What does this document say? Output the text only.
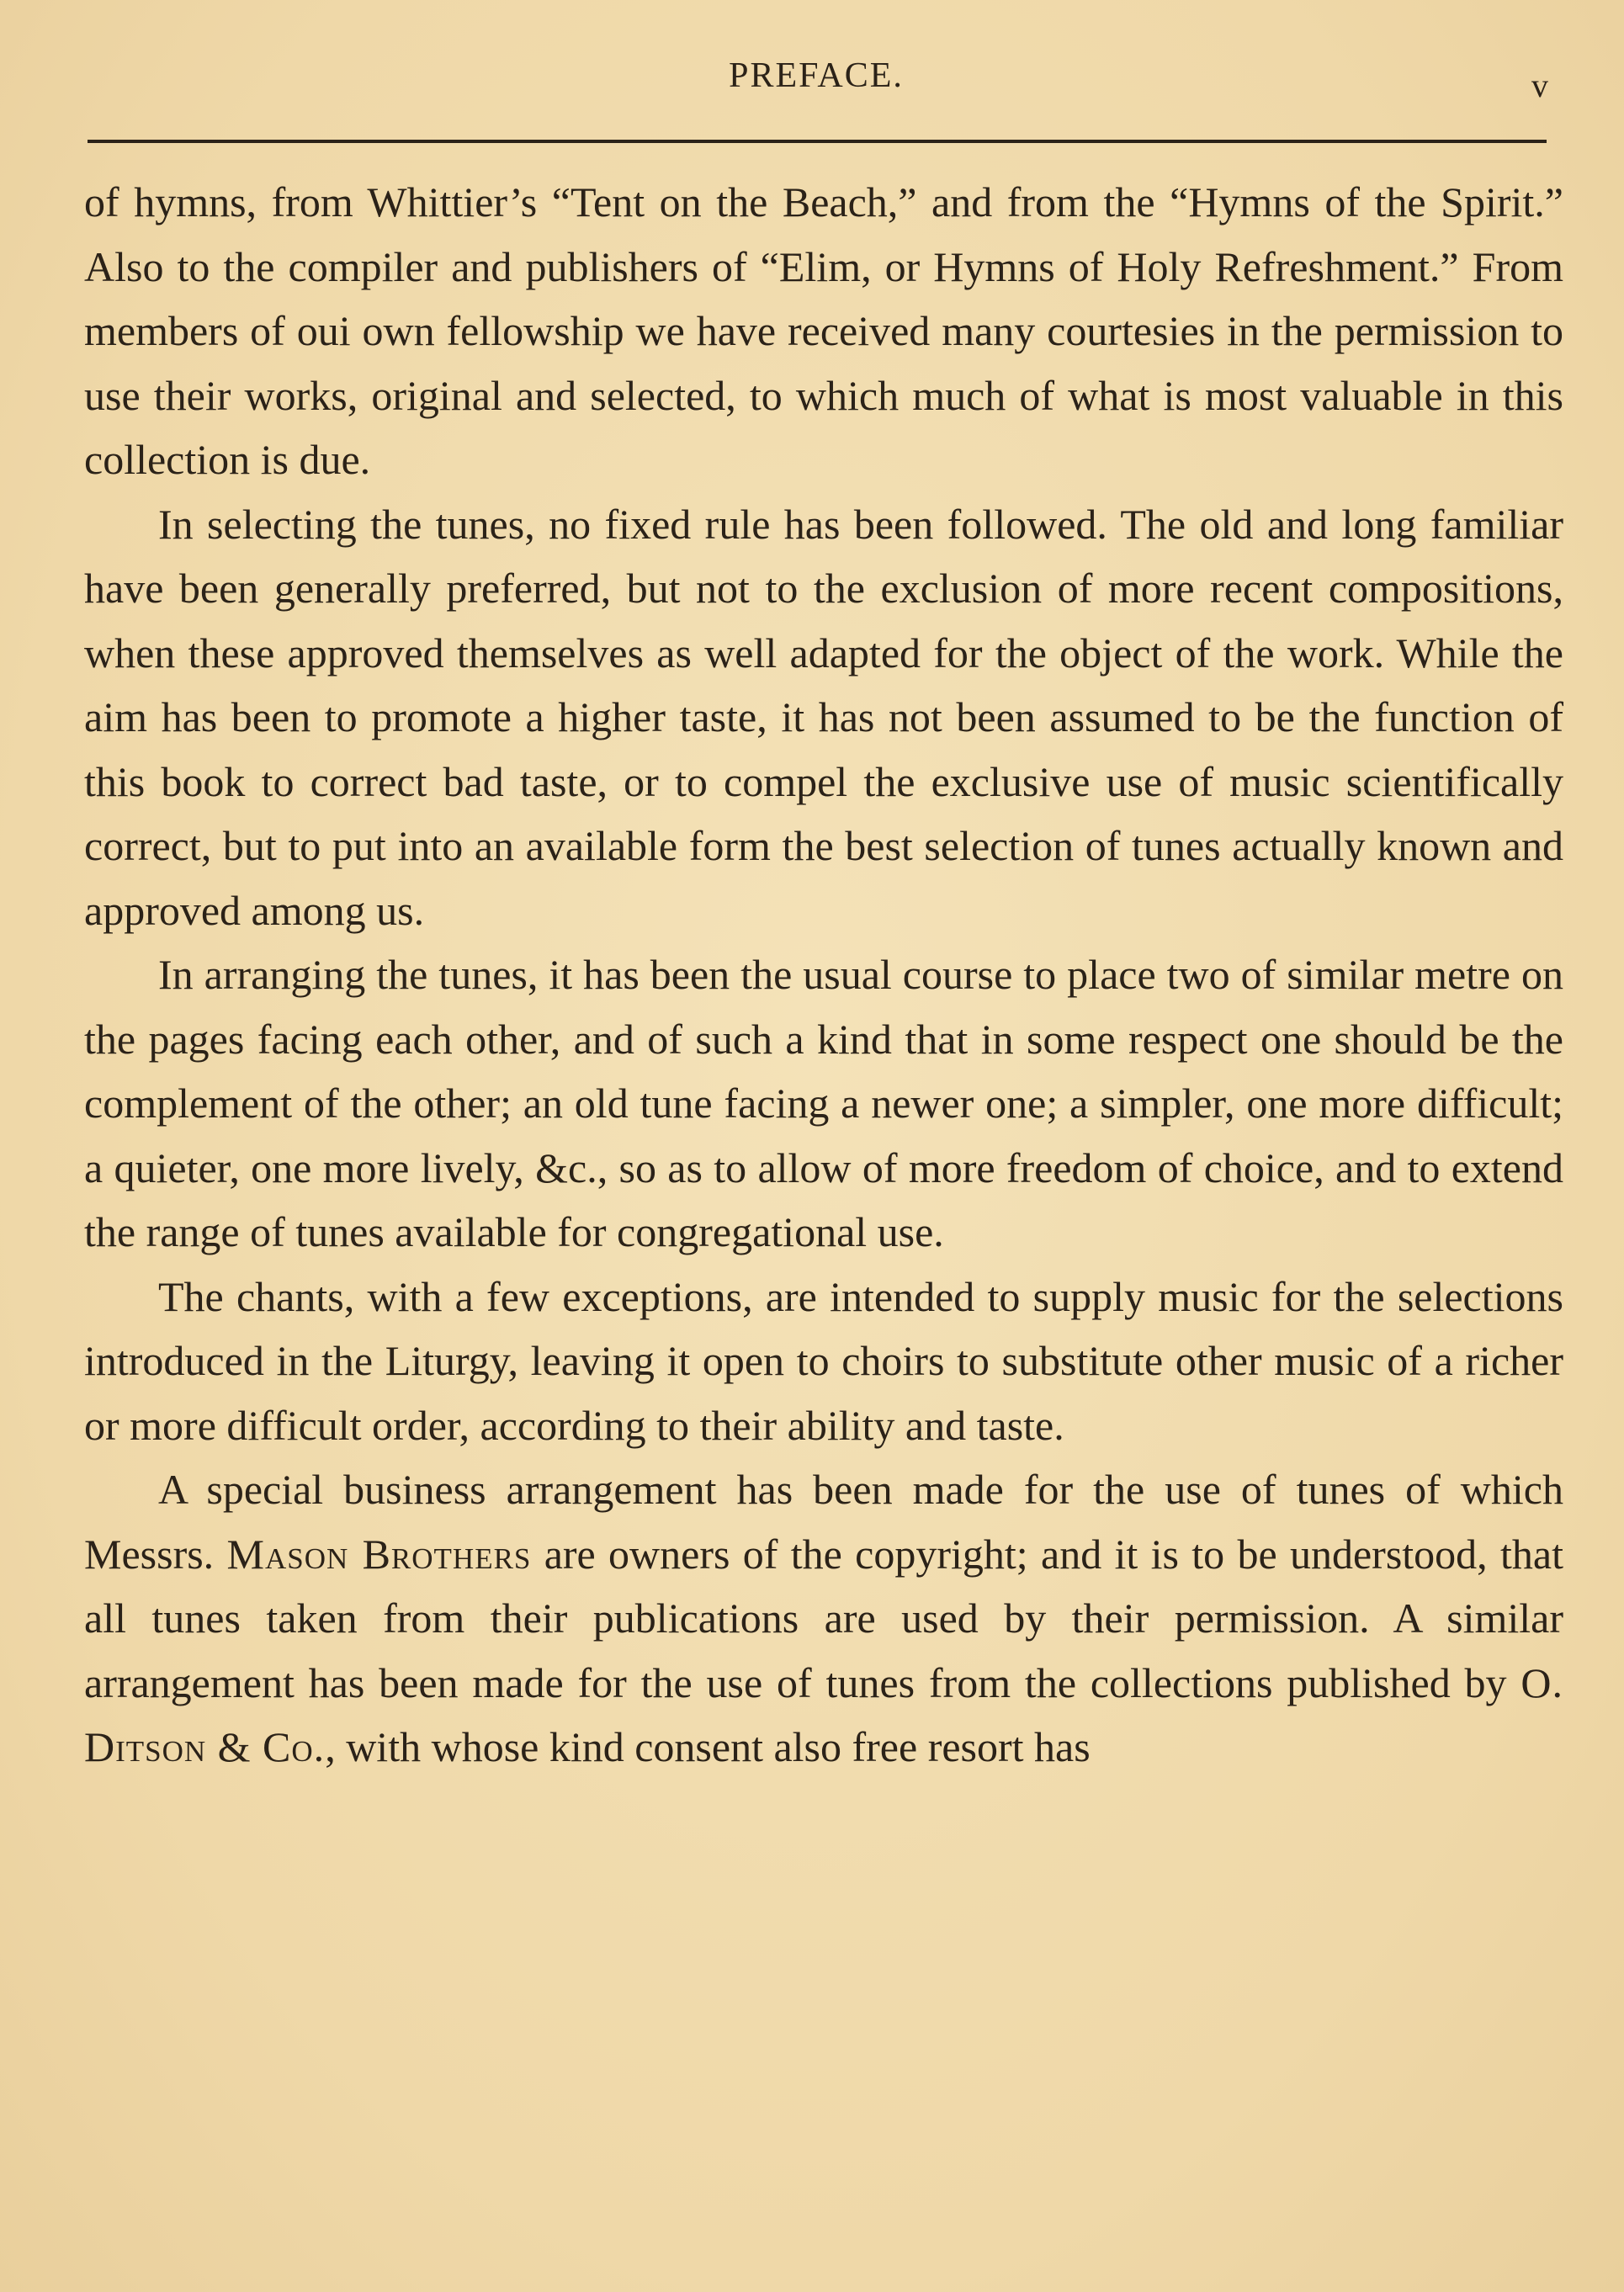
PREFACE.	v

of hymns, from Whittier’s “Tent on the Beach,” and from the “Hymns of the Spirit.” Also to the compiler and publishers of “Elim, or Hymns of Holy Refreshment.” From members of oui own fellowship we have received many courtesies in the permission to use their works, original and selected, to which much of what is most valuable in this collection is due.

In selecting the tunes, no fixed rule has been followed. The old and long familiar have been generally preferred, but not to the exclusion of more recent compositions, when these approved themselves as well adapted for the object of the work. While the aim has been to promote a higher taste, it has not been assumed to be the function of this book to correct bad taste, or to compel the exclusive use of music scientifically correct, but to put into an available form the best selection of tunes actually known and approved among us.

In arranging the tunes, it has been the usual course to place two of similar metre on the pages facing each other, and of such a kind that in some respect one should be the complement of the other; an old tune facing a newer one; a simpler, one more difficult; a quieter, one more lively, &c., so as to allow of more freedom of choice, and to extend the range of tunes available for congregational use.

The chants, with a few exceptions, are intended to supply music for the selections introduced in the Liturgy, leaving it open to choirs to substitute other music of a richer or more difficult order, according to their ability and taste.

A special business arrangement has been made for the use of tunes of which Messrs. Mason Brothers are owners of the copyright; and it is to be understood, that all tunes taken from their publications are used by their permission. A similar arrangement has been made for the use of tunes from the collections published by O. Ditson & Co., with whose kind consent also free resort has
